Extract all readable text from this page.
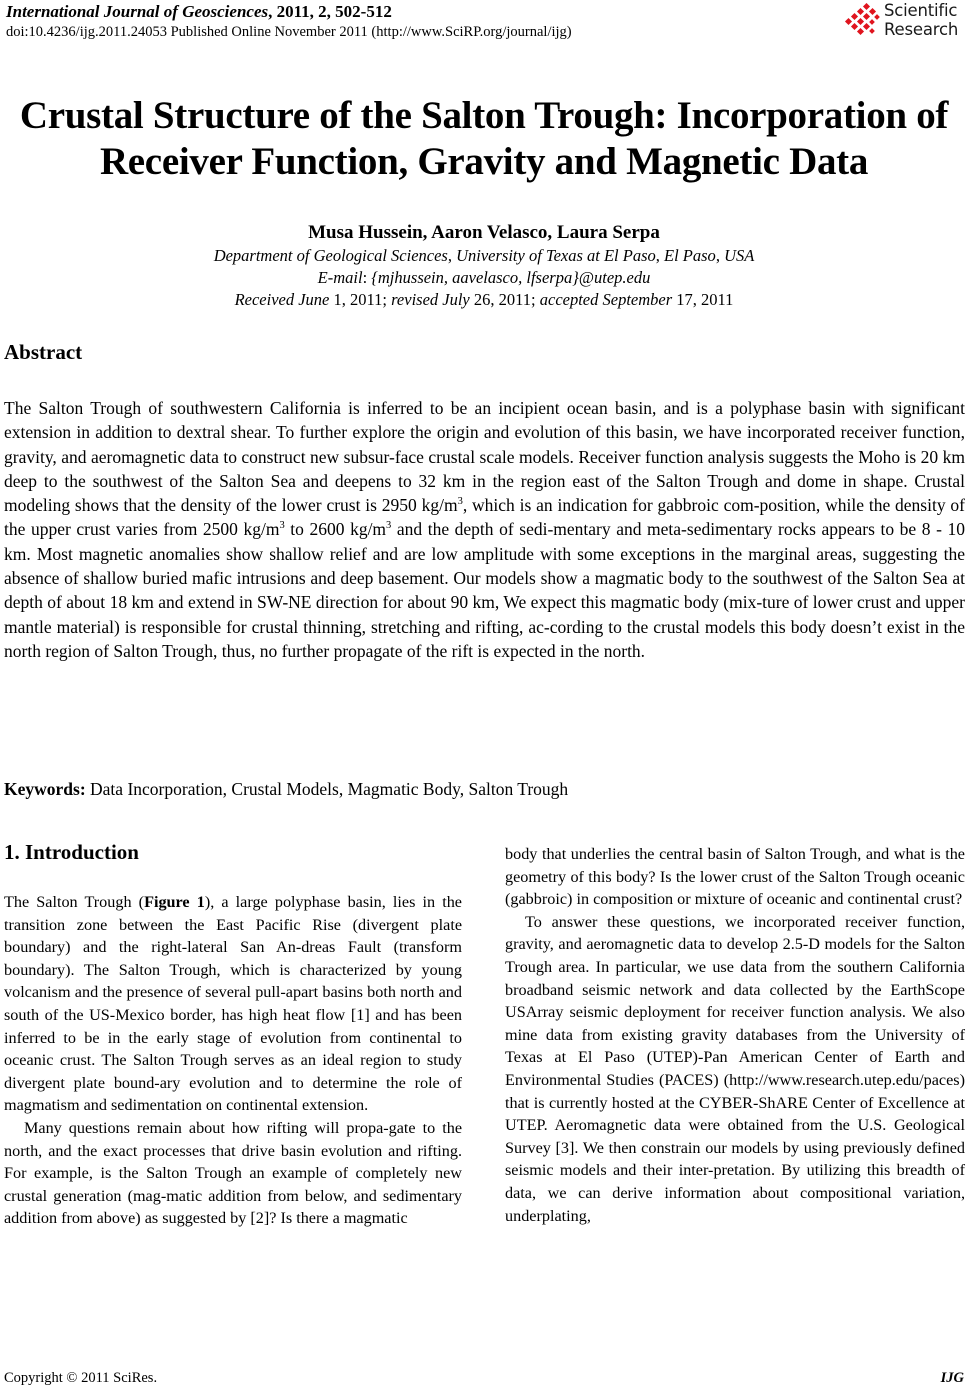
International Journal of Geosciences, 2011, 2, 502-512
doi:10.4236/ijg.2011.24053 Published Online November 2011 (http://www.SciRP.org/journal/ijg)
Scientific
Research
Crustal Structure of the Salton Trough: Incorporation of
Receiver Function, Gravity and Magnetic Data
Musa Hussein, Aaron Velasco, Laura Serpa
Department of Geological Sciences, University of Texas at El Paso, El Paso, USA
E-mail: {mjhussein, aavelasco, lfserpa}@utep.edu
Received June 1, 2011; revised July 26, 2011; accepted September 17, 2011
Abstract
The Salton Trough of southwestern California is inferred to be an incipient ocean basin, and is a polyphase basin with significant extension in addition to dextral shear. To further explore the origin and evolution of this basin, we have incorporated receiver function, gravity, and aeromagnetic data to construct new subsur-face crustal scale models. Receiver function analysis suggests the Moho is 20 km deep to the southwest of the Salton Sea and deepens to 32 km in the region east of the Salton Trough and dome in shape. Crustal modeling shows that the density of the lower crust is 2950 $kg/m^3$, which is an indication for gabbroic com-position, while the density of the upper crust varies from 2500 $kg/m^3$ to 2600 $kg/m^3$ and the depth of sedi-mentary and meta-sedimentary rocks appears to be 8 - 10 km. Most magnetic anomalies show shallow relief and are low amplitude with some exceptions in the marginal areas, suggesting the absence of shallow buried mafic intrusions and deep basement. Our models show a magmatic body to the southwest of the Salton Sea at depth of about 18 km and extend in SW-NE direction for about 90 km, We expect this magmatic body (mix-ture of lower crust and upper mantle material) is responsible for crustal thinning, stretching and rifting, ac-cording to the crustal models this body doesn’t exist in the north region of Salton Trough, thus, no further propagate of the rift is expected in the north.
Keywords: Data Incorporation, Crustal Models, Magmatic Body, Salton Trough
1. Introduction

The Salton Trough (Figure 1), a large polyphase basin, lies in the transition zone between the East Pacific Rise (divergent plate boundary) and the right-lateral San An-dreas Fault (transform boundary). The Salton Trough, which is characterized by young volcanism and the presence of several pull-apart basins both north and south of the US-Mexico border, has high heat flow [1] and has been inferred to be in the early stage of evolution from continental to oceanic crust. The Salton Trough serves as an ideal region to study divergent plate bound-ary evolution and to determine the role of magmatism and sedimentation on continental extension.

Many questions remain about how rifting will propa-gate to the north, and the exact processes that drive basin evolution and rifting. For example, is the Salton Trough an example of completely new crustal generation (mag-matic addition from below, and sedimentary addition from above) as suggested by [2]? Is there a magmatic

body that underlies the central basin of Salton Trough, and what is the geometry of this body? Is the lower crust of the Salton Trough oceanic (gabbroic) in composition or mixture of oceanic and continental crust?

To answer these questions, we incorporated receiver function, gravity, and aeromagnetic data to develop 2.5-D models for the Salton Trough area. In particular, we use data from the southern California broadband seismic network and data collected by the EarthScope USArray seismic deployment for receiver function analysis. We also mine data from existing gravity databases from the University of Texas at El Paso (UTEP)-Pan American Center of Earth and Environmental Studies (PACES) (http://www.research.utep.edu/paces) that is currently hosted at the CYBER-ShARE Center of Excellence at UTEP. Aeromagnetic data were obtained from the U.S. Geological Survey [3]. We then constrain our models by using previously defined seismic models and their inter-pretation. By utilizing this breadth of data, we can derive information about compositional variation, underplating,

Copyright © 2011 SciRes.	IJG
